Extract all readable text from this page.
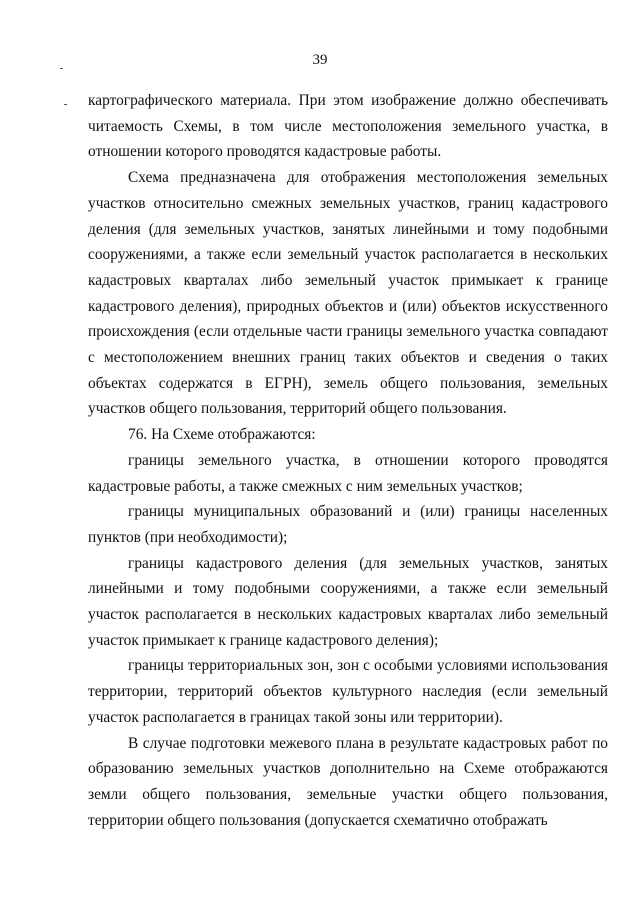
39

картографического материала. При этом изображение должно обеспечивать читаемость Схемы, в том числе местоположения земельного участка, в отношении которого проводятся кадастровые работы.

Схема предназначена для отображения местоположения земельных участков относительно смежных земельных участков, границ кадастрового деления (для земельных участков, занятых линейными и тому подобными сооружениями, а также если земельный участок располагается в нескольких кадастровых кварталах либо земельный участок примыкает к границе кадастрового деления), природных объектов и (или) объектов искусственного происхождения (если отдельные части границы земельного участка совпадают с местоположением внешних границ таких объектов и сведения о таких объектах содержатся в ЕГРН), земель общего пользования, земельных участков общего пользования, территорий общего пользования.

76. На Схеме отображаются:

границы земельного участка, в отношении которого проводятся кадастровые работы, а также смежных с ним земельных участков;

границы муниципальных образований и (или) границы населенных пунктов (при необходимости);

границы кадастрового деления (для земельных участков, занятых линейными и тому подобными сооружениями, а также если земельный участок располагается в нескольких кадастровых кварталах либо земельный участок примыкает к границе кадастрового деления);

границы территориальных зон, зон с особыми условиями использования территории, территорий объектов культурного наследия (если земельный участок располагается в границах такой зоны или территории).

В случае подготовки межевого плана в результате кадастровых работ по образованию земельных участков дополнительно на Схеме отображаются земли общего пользования, земельные участки общего пользования, территории общего пользования (допускается схематично отображать
